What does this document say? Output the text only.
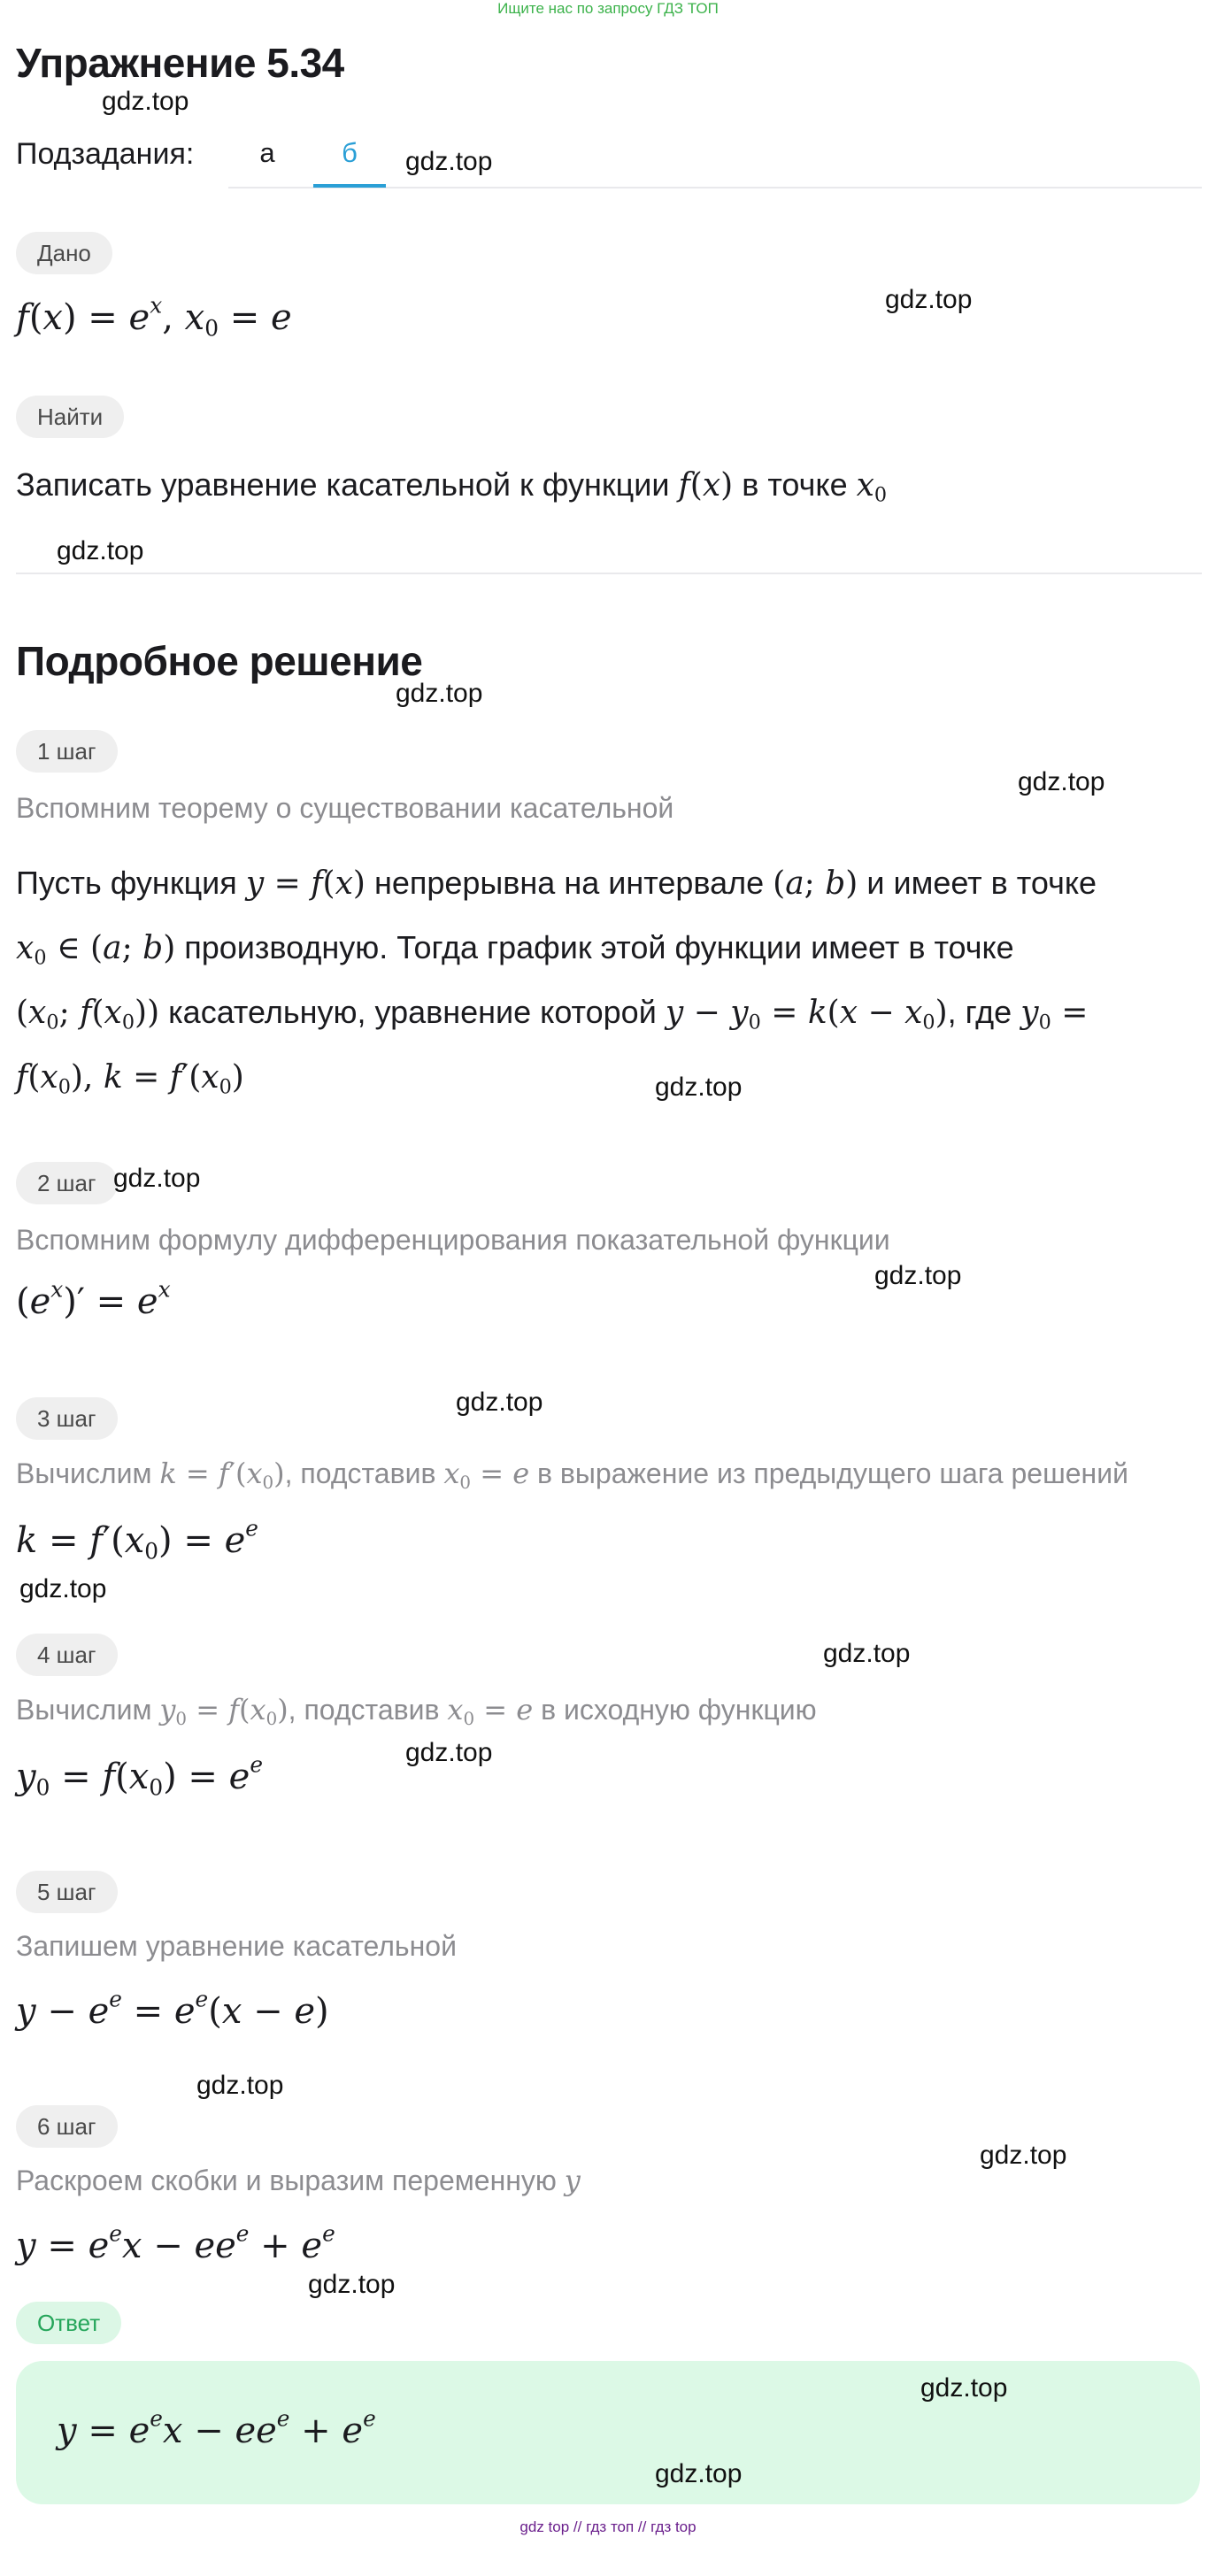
Ищите нас по запросу ГДЗ ТОП
Упражнение 5.34
gdz.top
Подзадания:	а	б	gdz.top
Дано
$f(x) = e^x$, $x_0 = e$	gdz.top
Найти
Записать уравнение касательной к функции f(x) в точке $x_0$
gdz.top
Подробное решение
gdz.top
1 шаг
gdz.top
Вспомним теорему о существовании касательной
Пусть функция y = f(x) непрерывна на интервале (a; b) и имеет в точке
$x_0$ ∈ (a; b) производную. Тогда график этой функции имеет в точке
($x_0$; $f(x_0)$) касательную, уравнение которой $y - y_0 = k(x - x_0)$, где $y_0$ =
$f(x_0)$, $k = f'(x_0)$	gdz.top
2 шаг gdz.top
Вспомним формулу дифференцирования показательной функции
gdz.top
$(e^x)' = e^x$
3 шаг
gdz.top
Вычислим $k = f'(x_0)$, подставив $x_0 = e$ в выражение из предыдущего шага решений
$k = f'(x_0) = e^e$
gdz.top
4 шаг	gdz.top
Вычислим $y_0 = f(x_0)$, подставив $x_0 = e$ в исходную функцию
gdz.top
$y_0 = f(x_0) = e^e$
5 шаг
Запишем уравнение касательной
$y - e^e = e^e(x - e)$
gdz.top
6 шаг
gdz.top
Раскроем скобки и выразим переменную y
$y = e^ex - ee^e + e^e$
gdz.top
Ответ
gdz.top
$y = e^ex - ee^e + e^e$
gdz.top
gdz top // гдз топ // гдз top
